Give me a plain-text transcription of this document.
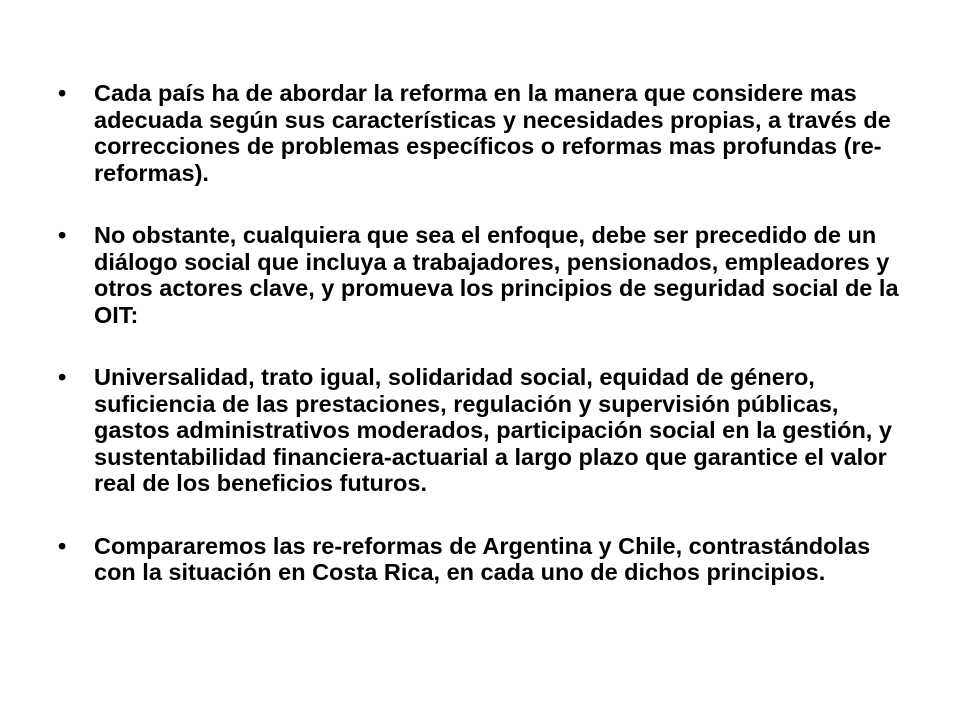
•	Cada país ha de abordar la reforma en la manera que considere mas adecuada según sus características y necesidades propias, a través de correcciones de problemas específicos o reformas mas profundas (re-reformas).
•	No obstante, cualquiera que sea el enfoque, debe ser precedido de un diálogo social que incluya a trabajadores, pensionados, empleadores y otros actores clave, y promueva los principios de seguridad social de la OIT:
•	Universalidad, trato igual, solidaridad social, equidad de género, suficiencia de las prestaciones, regulación y supervisión públicas, gastos administrativos moderados, participación social en la gestión, y sustentabilidad financiera-actuarial a largo plazo que garantice el valor real de los beneficios futuros.
•	Compararemos las re-reformas de Argentina y Chile, contrastándolas con la situación en Costa Rica, en cada uno de dichos principios.
